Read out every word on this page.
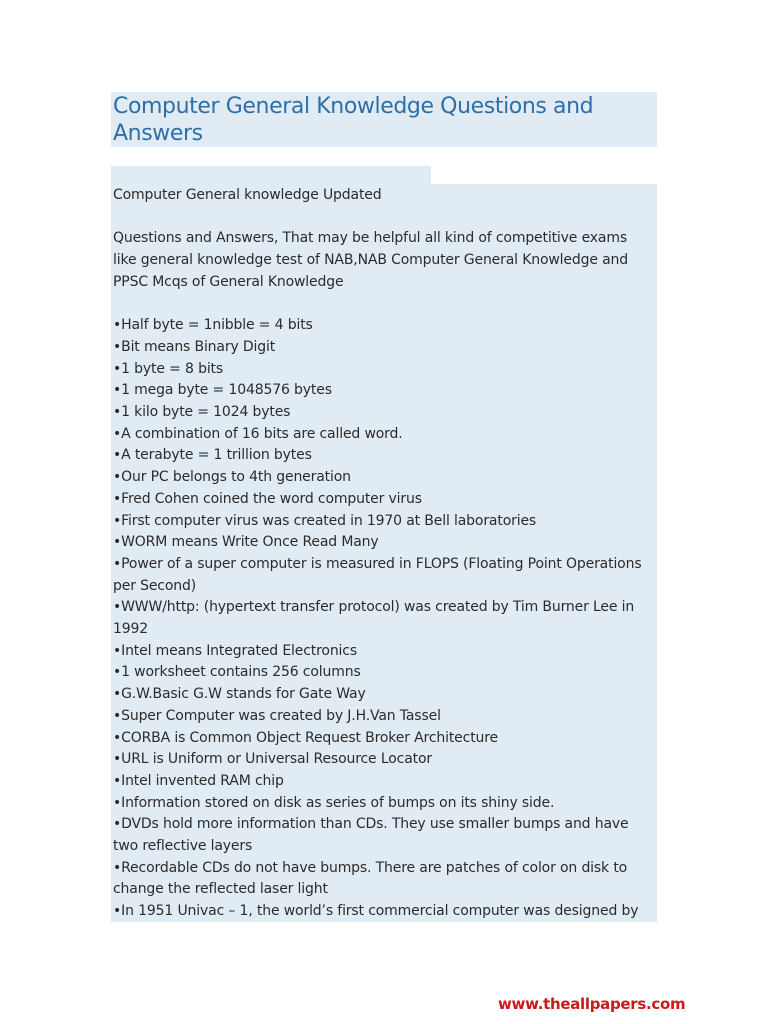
Computer General Knowledge Questions and Answers

Computer General knowledge Updated

Questions and Answers, That may be helpful all kind of competitive exams like general knowledge test of NAB,NAB Computer General Knowledge and PPSC Mcqs of General Knowledge

• Half byte = 1nibble = 4 bits
• Bit means Binary Digit
• 1 byte = 8 bits
• 1 mega byte = 1048576 bytes
• 1 kilo byte = 1024 bytes
• A combination of 16 bits are called word.
• A terabyte = 1 trillion bytes
• Our PC belongs to 4th generation
• Fred Cohen coined the word computer virus
• First computer virus was created in 1970 at Bell laboratories
• WORM means Write Once Read Many
• Power of a super computer is measured in FLOPS (Floating Point Operations per Second)
• WWW/http: (hypertext transfer protocol) was created by Tim Burner Lee in 1992
• Intel means Integrated Electronics
• 1 worksheet contains 256 columns
• G.W.Basic G.W stands for Gate Way
• Super Computer was created by J.H.Van Tassel
• CORBA is Common Object Request Broker Architecture
• URL is Uniform or Universal Resource Locator
• Intel invented RAM chip
• Information stored on disk as series of bumps on its shiny side.
• DVDs hold more information than CDs. They use smaller bumps and have two reflective layers
• Recordable CDs do not have bumps. There are patches of color on disk to change the reflected laser light
• In 1951 Univac – 1, the world’s first commercial computer was designed by
www.theallpapers.com
